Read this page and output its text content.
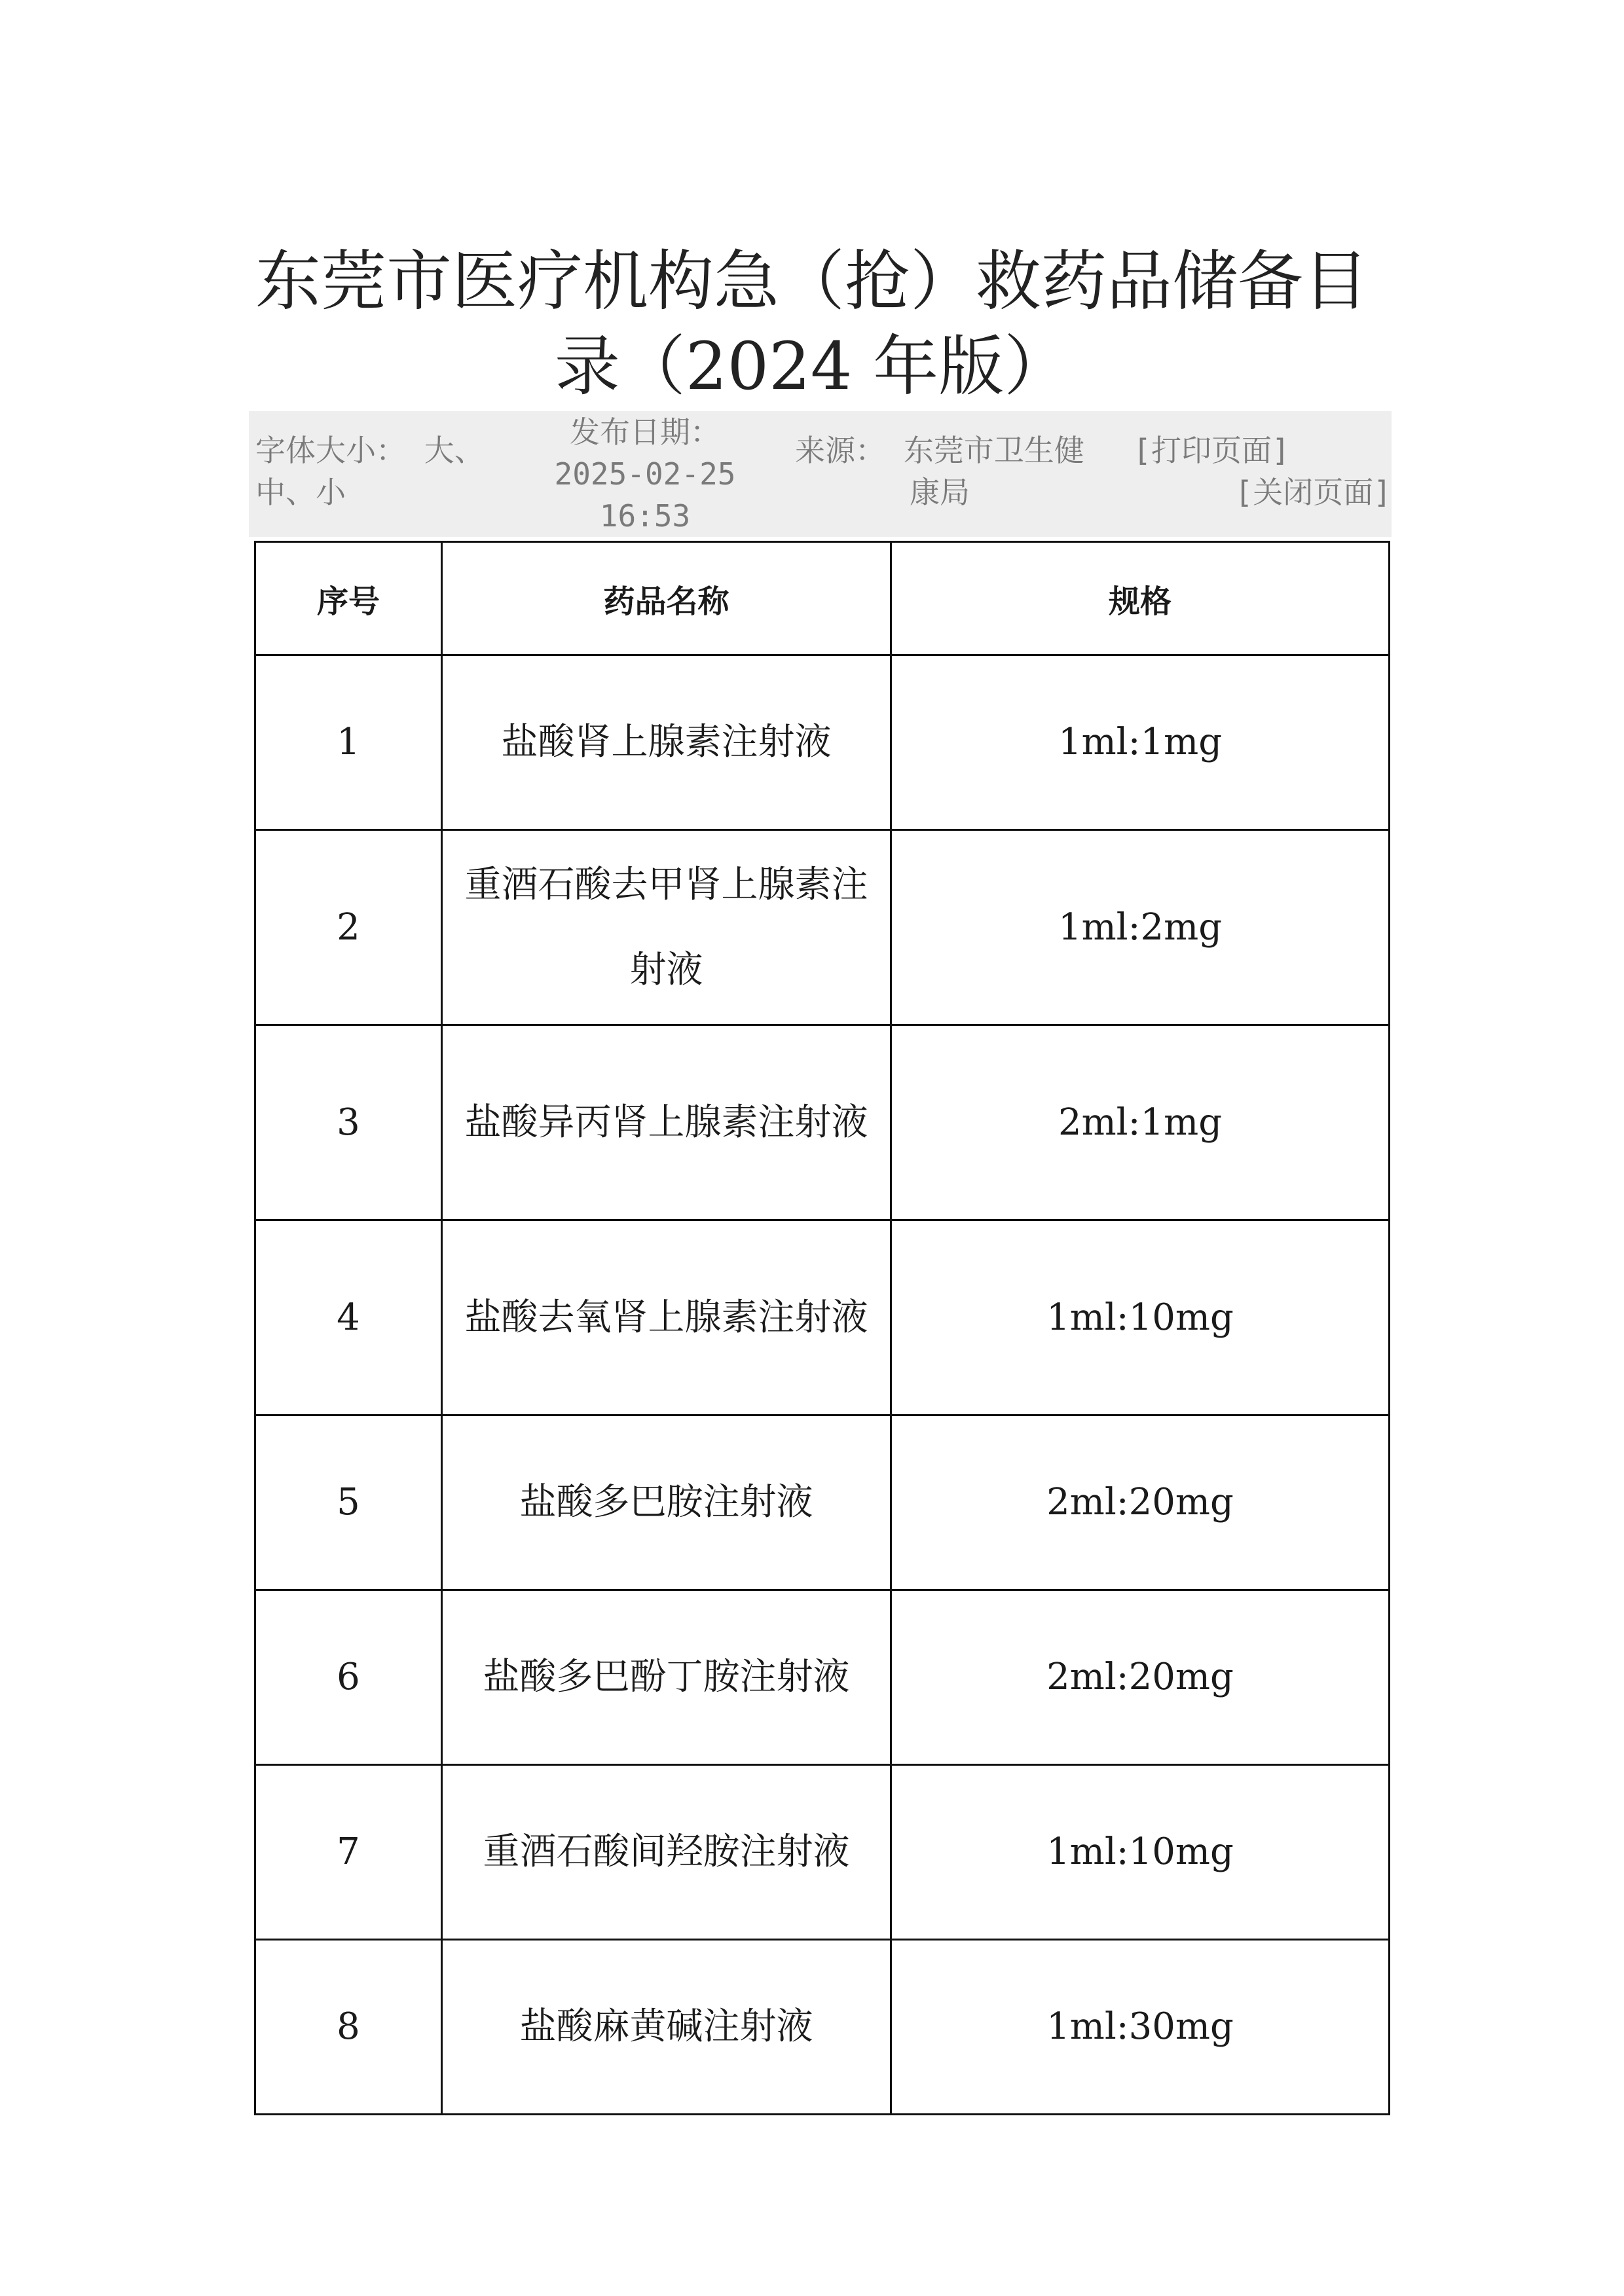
东莞市医疗机构急（抢）救药品储备目录（2024 年版）
字体大小： 大、中、小
发布日期： 2025-02-25 16:53
来源： 东莞市卫生健康局
[打印页面]
[关闭页面]
序号	药品名称	规格
1	盐酸肾上腺素注射液	1ml:1mg
2	重酒石酸去甲肾上腺素注射液	1ml:2mg
3	盐酸异丙肾上腺素注射液	2ml:1mg
4	盐酸去氧肾上腺素注射液	1ml:10mg
5	盐酸多巴胺注射液	2ml:20mg
6	盐酸多巴酚丁胺注射液	2ml:20mg
7	重酒石酸间羟胺注射液	1ml:10mg
8	盐酸麻黄碱注射液	1ml:30mg
